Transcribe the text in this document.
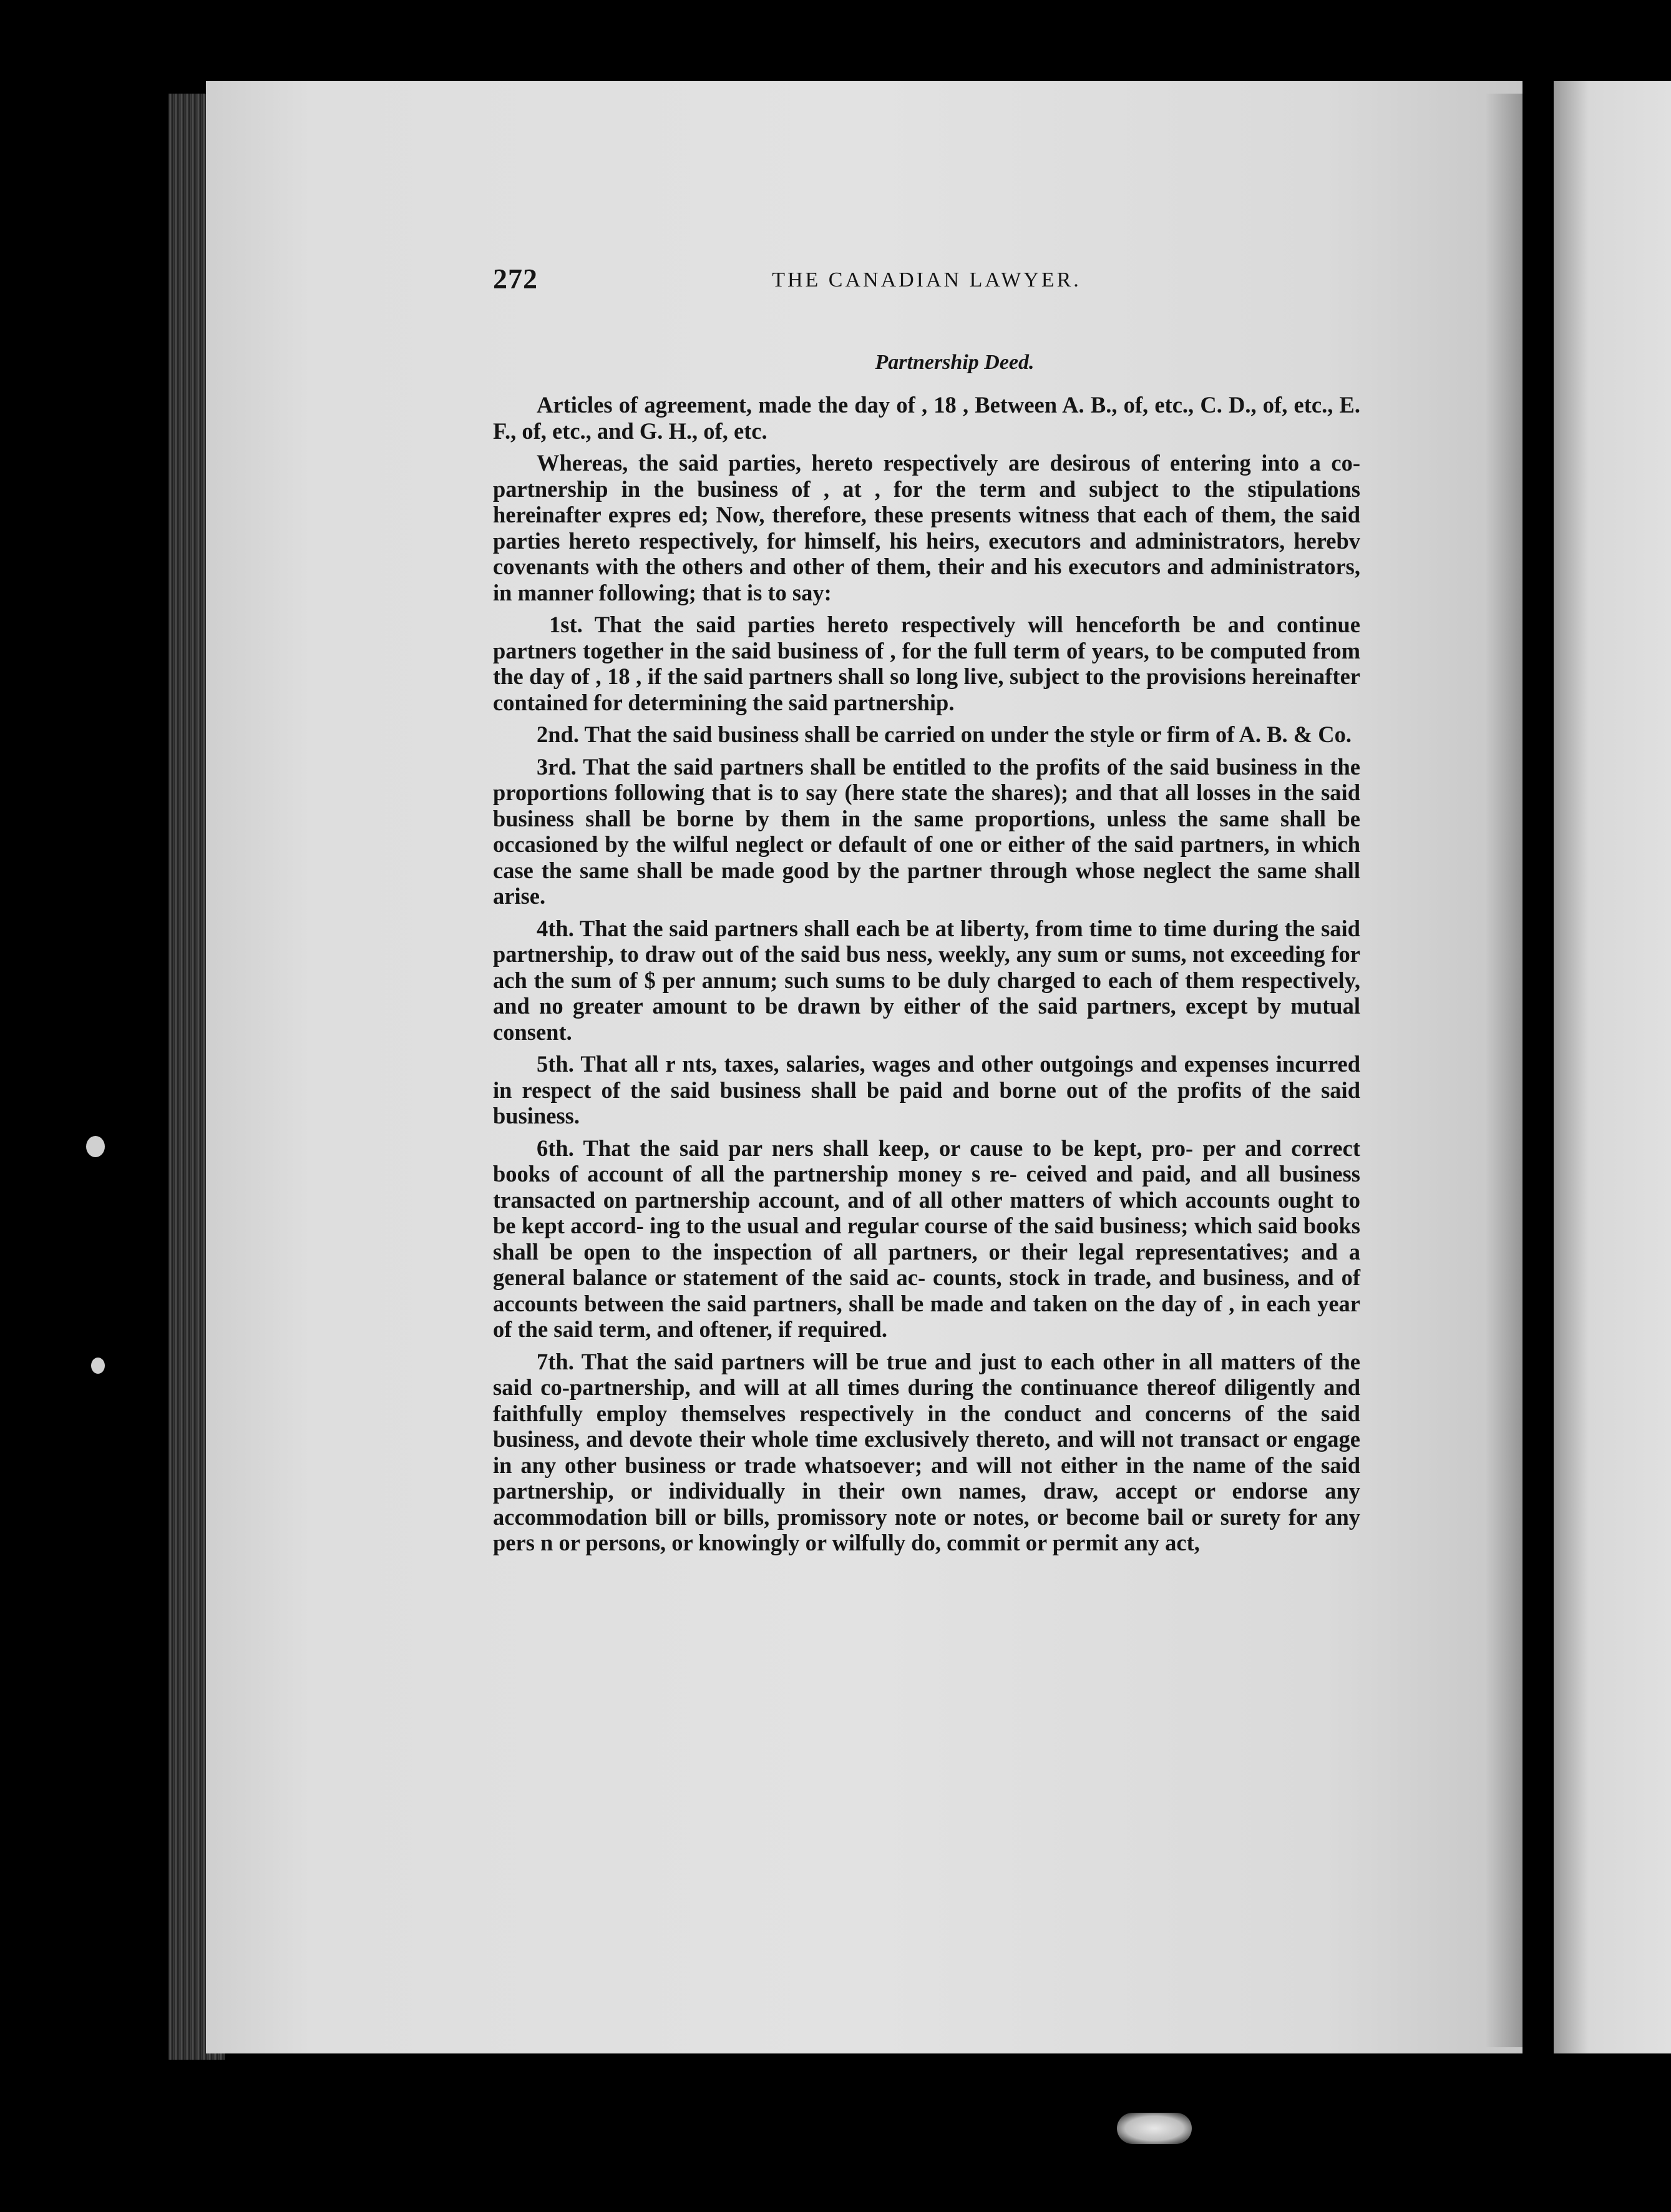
272	THE CANADIAN LAWYER.
Partnership Deed.

Articles of agreement, made the day of , 18 , Between A. B., of, etc., C. D., of, etc., E. F., of, etc., and G. H., of, etc.

Whereas, the said parties, hereto respectively are desirous of entering into a co-partnership in the business of , at , for the term and subject to the stipulations hereinafter expres ed; Now, therefore, these presents witness that each of them, the said parties hereto respectively, for himself, his heirs, executors and administrators, herebv covenants with the others and other of them, their and his executors and administrators, in manner following; that is to say:

1st. That the said parties hereto respectively will henceforth be and continue partners together in the said business of , for the full term of years, to be computed from the day of , 18 , if the said partners shall so long live, subject to the provisions hereinafter contained for determining the said partnership.

2nd. That the said business shall be carried on under the style or firm of A. B. & Co.

3rd. That the said partners shall be entitled to the profits of the said business in the proportions following that is to say (here state the shares); and that all losses in the said business shall be borne by them in the same proportions, unless the same shall be occasioned by the wilful neglect or default of one or either of the said partners, in which case the same shall be made good by the partner through whose neglect the same shall arise.

4th. That the said partners shall each be at liberty, from time to time during the said partnership, to draw out of the said bus ness, weekly, any sum or sums, not exceeding for ach the sum of $ per annum; such sums to be duly charged to each of them respectively, and no greater amount to be drawn by either of the said partners, except by mutual consent.

5th. That all r nts, taxes, salaries, wages and other outgoings and expenses incurred in respect of the said business shall be paid and borne out of the profits of the said business.

6th. That the said par ners shall keep, or cause to be kept, pro- per and correct books of account of all the partnership money s re- ceived and paid, and all business transacted on partnership account, and of all other matters of which accounts ought to be kept accord- ing to the usual and regular course of the said business; which said books shall be open to the inspection of all partners, or their legal representatives; and a general balance or statement of the said ac- counts, stock in trade, and business, and of accounts between the said partners, shall be made and taken on the day of , in each year of the said term, and oftener, if required.

7th. That the said partners will be true and just to each other in all matters of the said co-partnership, and will at all times during the continuance thereof diligently and faithfully employ themselves respectively in the conduct and concerns of the said business, and devote their whole time exclusively thereto, and will not transact or engage in any other business or trade whatsoever; and will not either in the name of the said partnership, or individually in their own names, draw, accept or endorse any accommodation bill or bills, promissory note or notes, or become bail or surety for any pers n or persons, or knowingly or wilfully do, commit or permit any act,
